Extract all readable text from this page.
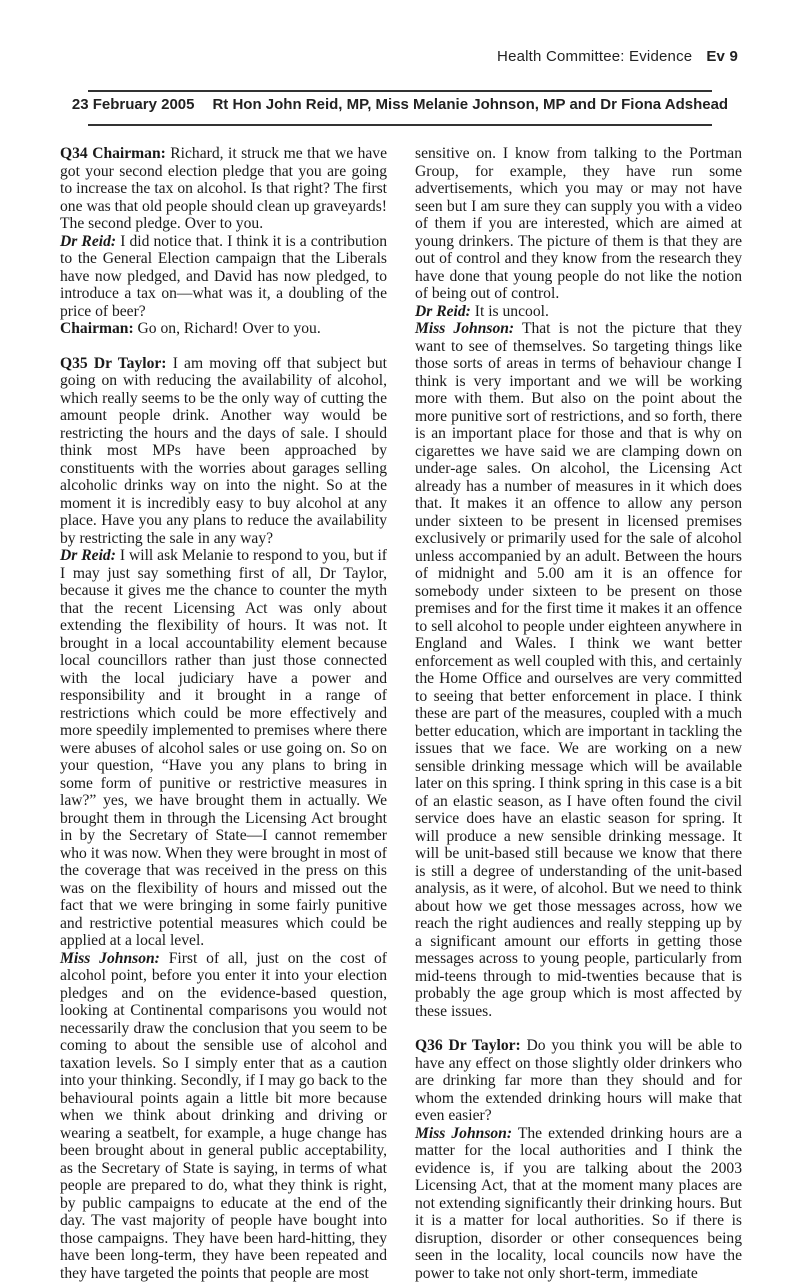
Health Committee: Evidence Ev 9
23 February 2005 Rt Hon John Reid, MP, Miss Melanie Johnson, MP and Dr Fiona Adshead

Q34 Chairman: Richard, it struck me that we have got your second election pledge that you are going to increase the tax on alcohol. Is that right? The first one was that old people should clean up graveyards! The second pledge. Over to you.

Dr Reid: I did notice that. I think it is a contribution to the General Election campaign that the Liberals have now pledged, and David has now pledged, to introduce a tax on—what was it, a doubling of the price of beer?

Chairman: Go on, Richard! Over to you.

Q35 Dr Taylor: I am moving off that subject but going on with reducing the availability of alcohol, which really seems to be the only way of cutting the amount people drink. Another way would be restricting the hours and the days of sale. I should think most MPs have been approached by constituents with the worries about garages selling alcoholic drinks way on into the night. So at the moment it is incredibly easy to buy alcohol at any place. Have you any plans to reduce the availability by restricting the sale in any way?

Dr Reid: I will ask Melanie to respond to you, but if I may just say something first of all, Dr Taylor, because it gives me the chance to counter the myth that the recent Licensing Act was only about extending the flexibility of hours. It was not. It brought in a local accountability element because local councillors rather than just those connected with the local judiciary have a power and responsibility and it brought in a range of restrictions which could be more effectively and more speedily implemented to premises where there were abuses of alcohol sales or use going on. So on your question, “Have you any plans to bring in some form of punitive or restrictive measures in law?” yes, we have brought them in actually. We brought them in through the Licensing Act brought in by the Secretary of State—I cannot remember who it was now. When they were brought in most of the coverage that was received in the press on this was on the flexibility of hours and missed out the fact that we were bringing in some fairly punitive and restrictive potential measures which could be applied at a local level.

Miss Johnson: First of all, just on the cost of alcohol point, before you enter it into your election pledges and on the evidence-based question, looking at Continental comparisons you would not necessarily draw the conclusion that you seem to be coming to about the sensible use of alcohol and taxation levels. So I simply enter that as a caution into your thinking. Secondly, if I may go back to the behavioural points again a little bit more because when we think about drinking and driving or wearing a seatbelt, for example, a huge change has been brought about in general public acceptability, as the Secretary of State is saying, in terms of what people are prepared to do, what they think is right, by public campaigns to educate at the end of the day. The vast majority of people have bought into those campaigns. They have been hard-hitting, they have been long-term, they have been repeated and they have targeted the points that people are most

sensitive on. I know from talking to the Portman Group, for example, they have run some advertisements, which you may or may not have seen but I am sure they can supply you with a video of them if you are interested, which are aimed at young drinkers. The picture of them is that they are out of control and they know from the research they have done that young people do not like the notion of being out of control.

Dr Reid: It is uncool.

Miss Johnson: That is not the picture that they want to see of themselves. So targeting things like those sorts of areas in terms of behaviour change I think is very important and we will be working more with them. But also on the point about the more punitive sort of restrictions, and so forth, there is an important place for those and that is why on cigarettes we have said we are clamping down on under-age sales. On alcohol, the Licensing Act already has a number of measures in it which does that. It makes it an offence to allow any person under sixteen to be present in licensed premises exclusively or primarily used for the sale of alcohol unless accompanied by an adult. Between the hours of midnight and 5.00 am it is an offence for somebody under sixteen to be present on those premises and for the first time it makes it an offence to sell alcohol to people under eighteen anywhere in England and Wales. I think we want better enforcement as well coupled with this, and certainly the Home Office and ourselves are very committed to seeing that better enforcement in place. I think these are part of the measures, coupled with a much better education, which are important in tackling the issues that we face. We are working on a new sensible drinking message which will be available later on this spring. I think spring in this case is a bit of an elastic season, as I have often found the civil service does have an elastic season for spring. It will produce a new sensible drinking message. It will be unit-based still because we know that there is still a degree of understanding of the unit-based analysis, as it were, of alcohol. But we need to think about how we get those messages across, how we reach the right audiences and really stepping up by a significant amount our efforts in getting those messages across to young people, particularly from mid-teens through to mid-twenties because that is probably the age group which is most affected by these issues.

Q36 Dr Taylor: Do you think you will be able to have any effect on those slightly older drinkers who are drinking far more than they should and for whom the extended drinking hours will make that even easier?

Miss Johnson: The extended drinking hours are a matter for the local authorities and I think the evidence is, if you are talking about the 2003 Licensing Act, that at the moment many places are not extending significantly their drinking hours. But it is a matter for local authorities. So if there is disruption, disorder or other consequences being seen in the locality, local councils now have the power to take not only short-term, immediate
